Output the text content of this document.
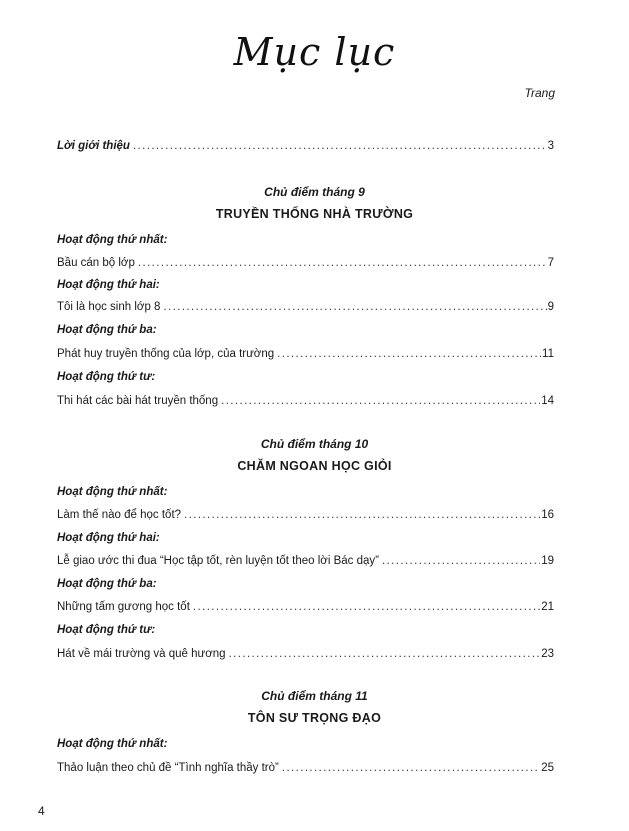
Mục lục
Trang
Lời giới thiệu .....	3
Chủ điểm tháng 9
TRUYỀN THỐNG NHÀ TRƯỜNG
Hoạt động thứ nhất:
Bầu cán bộ lớp .....	7
Hoạt động thứ hai:
Tôi là học sinh lớp 8 .....	9
Hoạt động thứ ba:
Phát huy truyền thống của lớp, của trường .....	11
Hoạt động thứ tư:
Thi hát các bài hát truyền thống .....	14
Chủ điểm tháng 10
CHĂM NGOAN HỌC GIỎI
Hoạt động thứ nhất:
Làm thế nào để học tốt? .....	16
Hoạt động thứ hai:
Lễ giao ước thi đua “Học tập tốt, rèn luyện tốt theo lời Bác dạy” .....	19
Hoạt động thứ ba:
Những tấm gương học tốt .....	21
Hoạt động thứ tư:
Hát về mái trường và quê hương .....	23
Chủ điểm tháng 11
TÔN SƯ TRỌNG ĐẠO
Hoạt động thứ nhất:
Thảo luận theo chủ đề “Tình nghĩa thầy trò” .....	25
4
